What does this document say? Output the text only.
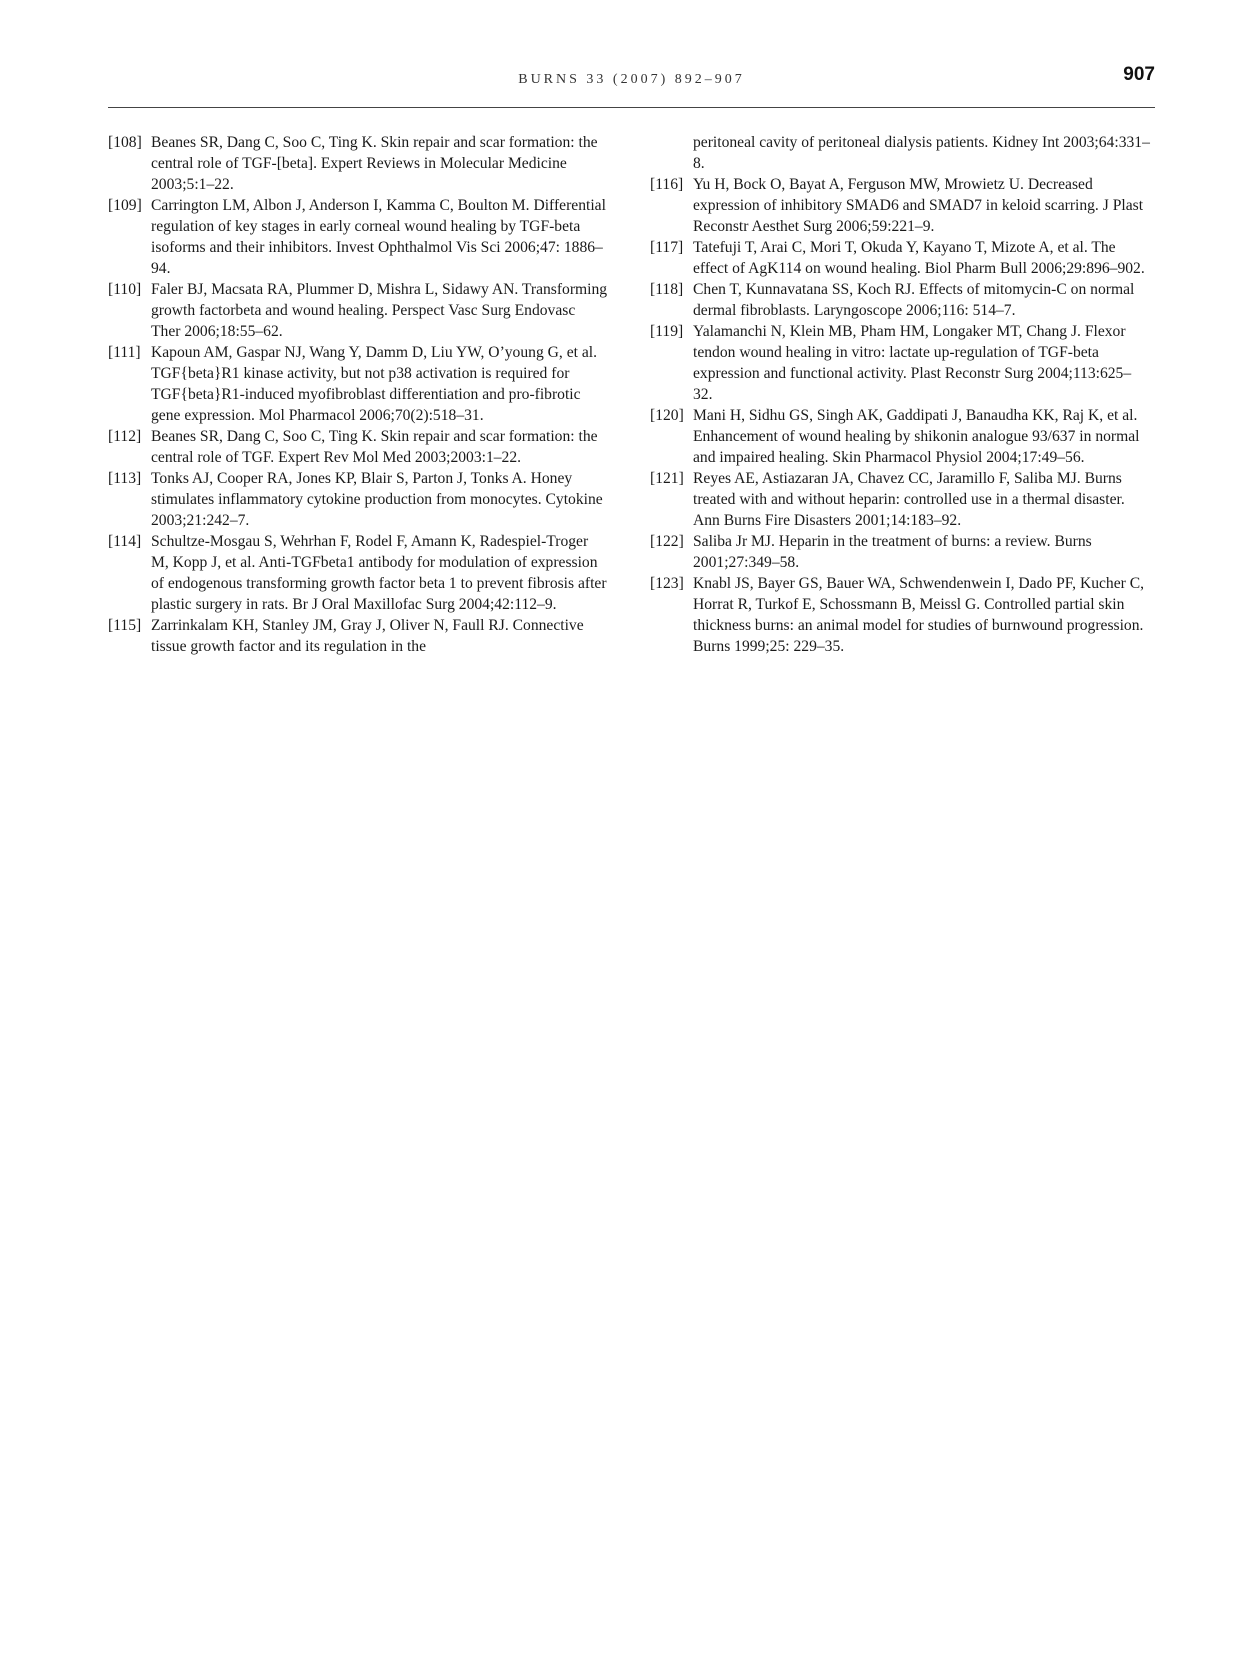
BURNS 33 (2007) 892–907	907
[108] Beanes SR, Dang C, Soo C, Ting K. Skin repair and scar formation: the central role of TGF-[beta]. Expert Reviews in Molecular Medicine 2003;5:1–22.
[109] Carrington LM, Albon J, Anderson I, Kamma C, Boulton M. Differential regulation of key stages in early corneal wound healing by TGF-beta isoforms and their inhibitors. Invest Ophthalmol Vis Sci 2006;47: 1886–94.
[110] Faler BJ, Macsata RA, Plummer D, Mishra L, Sidawy AN. Transforming growth factorbeta and wound healing. Perspect Vasc Surg Endovasc Ther 2006;18:55–62.
[111] Kapoun AM, Gaspar NJ, Wang Y, Damm D, Liu YW, O’young G, et al. TGF{beta}R1 kinase activity, but not p38 activation is required for TGF{beta}R1-induced myofibroblast differentiation and pro-fibrotic gene expression. Mol Pharmacol 2006;70(2):518–31.
[112] Beanes SR, Dang C, Soo C, Ting K. Skin repair and scar formation: the central role of TGF. Expert Rev Mol Med 2003;2003:1–22.
[113] Tonks AJ, Cooper RA, Jones KP, Blair S, Parton J, Tonks A. Honey stimulates inflammatory cytokine production from monocytes. Cytokine 2003;21:242–7.
[114] Schultze-Mosgau S, Wehrhan F, Rodel F, Amann K, Radespiel-Troger M, Kopp J, et al. Anti-TGFbeta1 antibody for modulation of expression of endogenous transforming growth factor beta 1 to prevent fibrosis after plastic surgery in rats. Br J Oral Maxillofac Surg 2004;42:112–9.
[115] Zarrinkalam KH, Stanley JM, Gray J, Oliver N, Faull RJ. Connective tissue growth factor and its regulation in the
peritoneal cavity of peritoneal dialysis patients. Kidney Int 2003;64:331–8.
[116] Yu H, Bock O, Bayat A, Ferguson MW, Mrowietz U. Decreased expression of inhibitory SMAD6 and SMAD7 in keloid scarring. J Plast Reconstr Aesthet Surg 2006;59:221–9.
[117] Tatefuji T, Arai C, Mori T, Okuda Y, Kayano T, Mizote A, et al. The effect of AgK114 on wound healing. Biol Pharm Bull 2006;29:896–902.
[118] Chen T, Kunnavatana SS, Koch RJ. Effects of mitomycin-C on normal dermal fibroblasts. Laryngoscope 2006;116: 514–7.
[119] Yalamanchi N, Klein MB, Pham HM, Longaker MT, Chang J. Flexor tendon wound healing in vitro: lactate up-regulation of TGF-beta expression and functional activity. Plast Reconstr Surg 2004;113:625–32.
[120] Mani H, Sidhu GS, Singh AK, Gaddipati J, Banaudha KK, Raj K, et al. Enhancement of wound healing by shikonin analogue 93/637 in normal and impaired healing. Skin Pharmacol Physiol 2004;17:49–56.
[121] Reyes AE, Astiazaran JA, Chavez CC, Jaramillo F, Saliba MJ. Burns treated with and without heparin: controlled use in a thermal disaster. Ann Burns Fire Disasters 2001;14:183–92.
[122] Saliba Jr MJ. Heparin in the treatment of burns: a review. Burns 2001;27:349–58.
[123] Knabl JS, Bayer GS, Bauer WA, Schwendenwein I, Dado PF, Kucher C, Horrat R, Turkof E, Schossmann B, Meissl G. Controlled partial skin thickness burns: an animal model for studies of burnwound progression. Burns 1999;25: 229–35.
